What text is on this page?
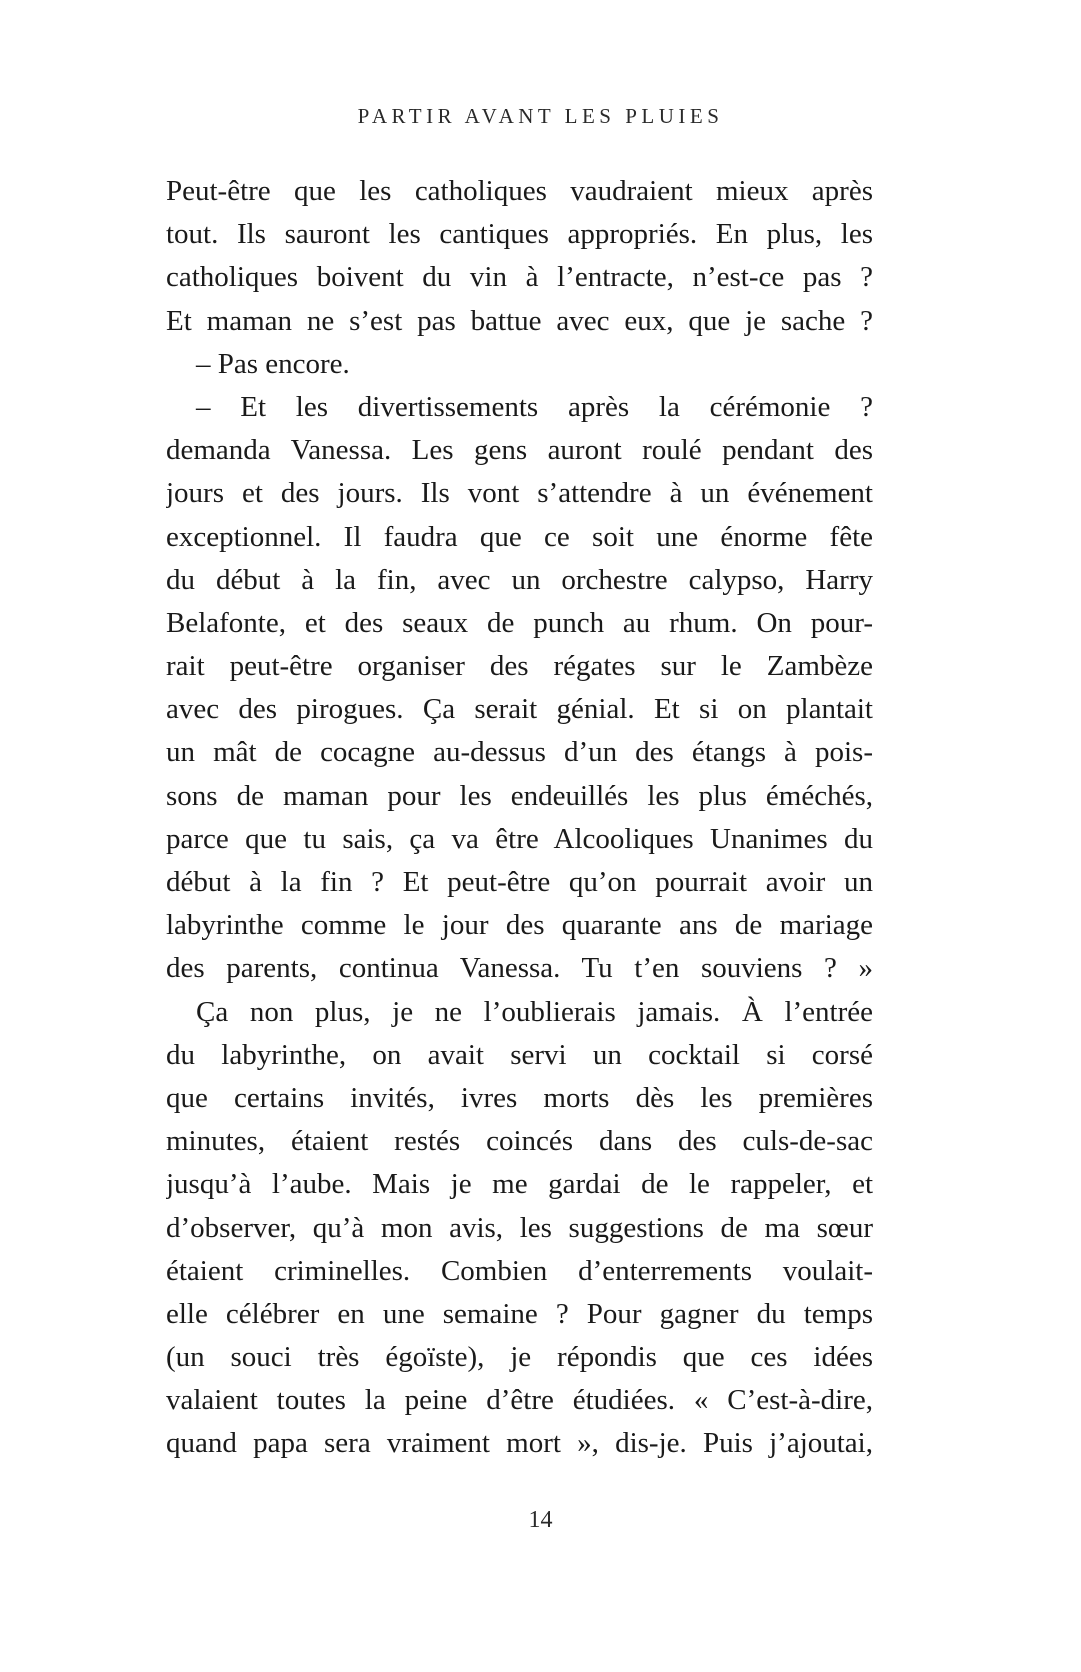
PARTIR AVANT LES PLUIES
Peut-être que les catholiques vaudraient mieux après
tout. Ils sauront les cantiques appropriés. En plus, les
catholiques boivent du vin à l’entracte, n’est-ce pas ?
Et maman ne s’est pas battue avec eux, que je sache ?
– Pas encore.
– Et les divertissements après la cérémonie ?
demanda Vanessa. Les gens auront roulé pendant des
jours et des jours. Ils vont s’attendre à un événement
exceptionnel. Il faudra que ce soit une énorme fête
du début à la fin, avec un orchestre calypso, Harry
Belafonte, et des seaux de punch au rhum. On pour-
rait peut-être organiser des régates sur le Zambèze
avec des pirogues. Ça serait génial. Et si on plantait
un mât de cocagne au-dessus d’un des étangs à pois-
sons de maman pour les endeuillés les plus éméchés,
parce que tu sais, ça va être Alcooliques Unanimes du
début à la fin ? Et peut-être qu’on pourrait avoir un
labyrinthe comme le jour des quarante ans de mariage
des parents, continua Vanessa. Tu t’en souviens ? »
Ça non plus, je ne l’oublierais jamais. À l’entrée
du labyrinthe, on avait servi un cocktail si corsé
que certains invités, ivres morts dès les premières
minutes, étaient restés coincés dans des culs-de-sac
jusqu’à l’aube. Mais je me gardai de le rappeler, et
d’observer, qu’à mon avis, les suggestions de ma sœur
étaient criminelles. Combien d’enterrements voulait-
elle célébrer en une semaine ? Pour gagner du temps
(un souci très égoïste), je répondis que ces idées
valaient toutes la peine d’être étudiées. « C’est-à-dire,
quand papa sera vraiment mort », dis-je. Puis j’ajoutai,
14
